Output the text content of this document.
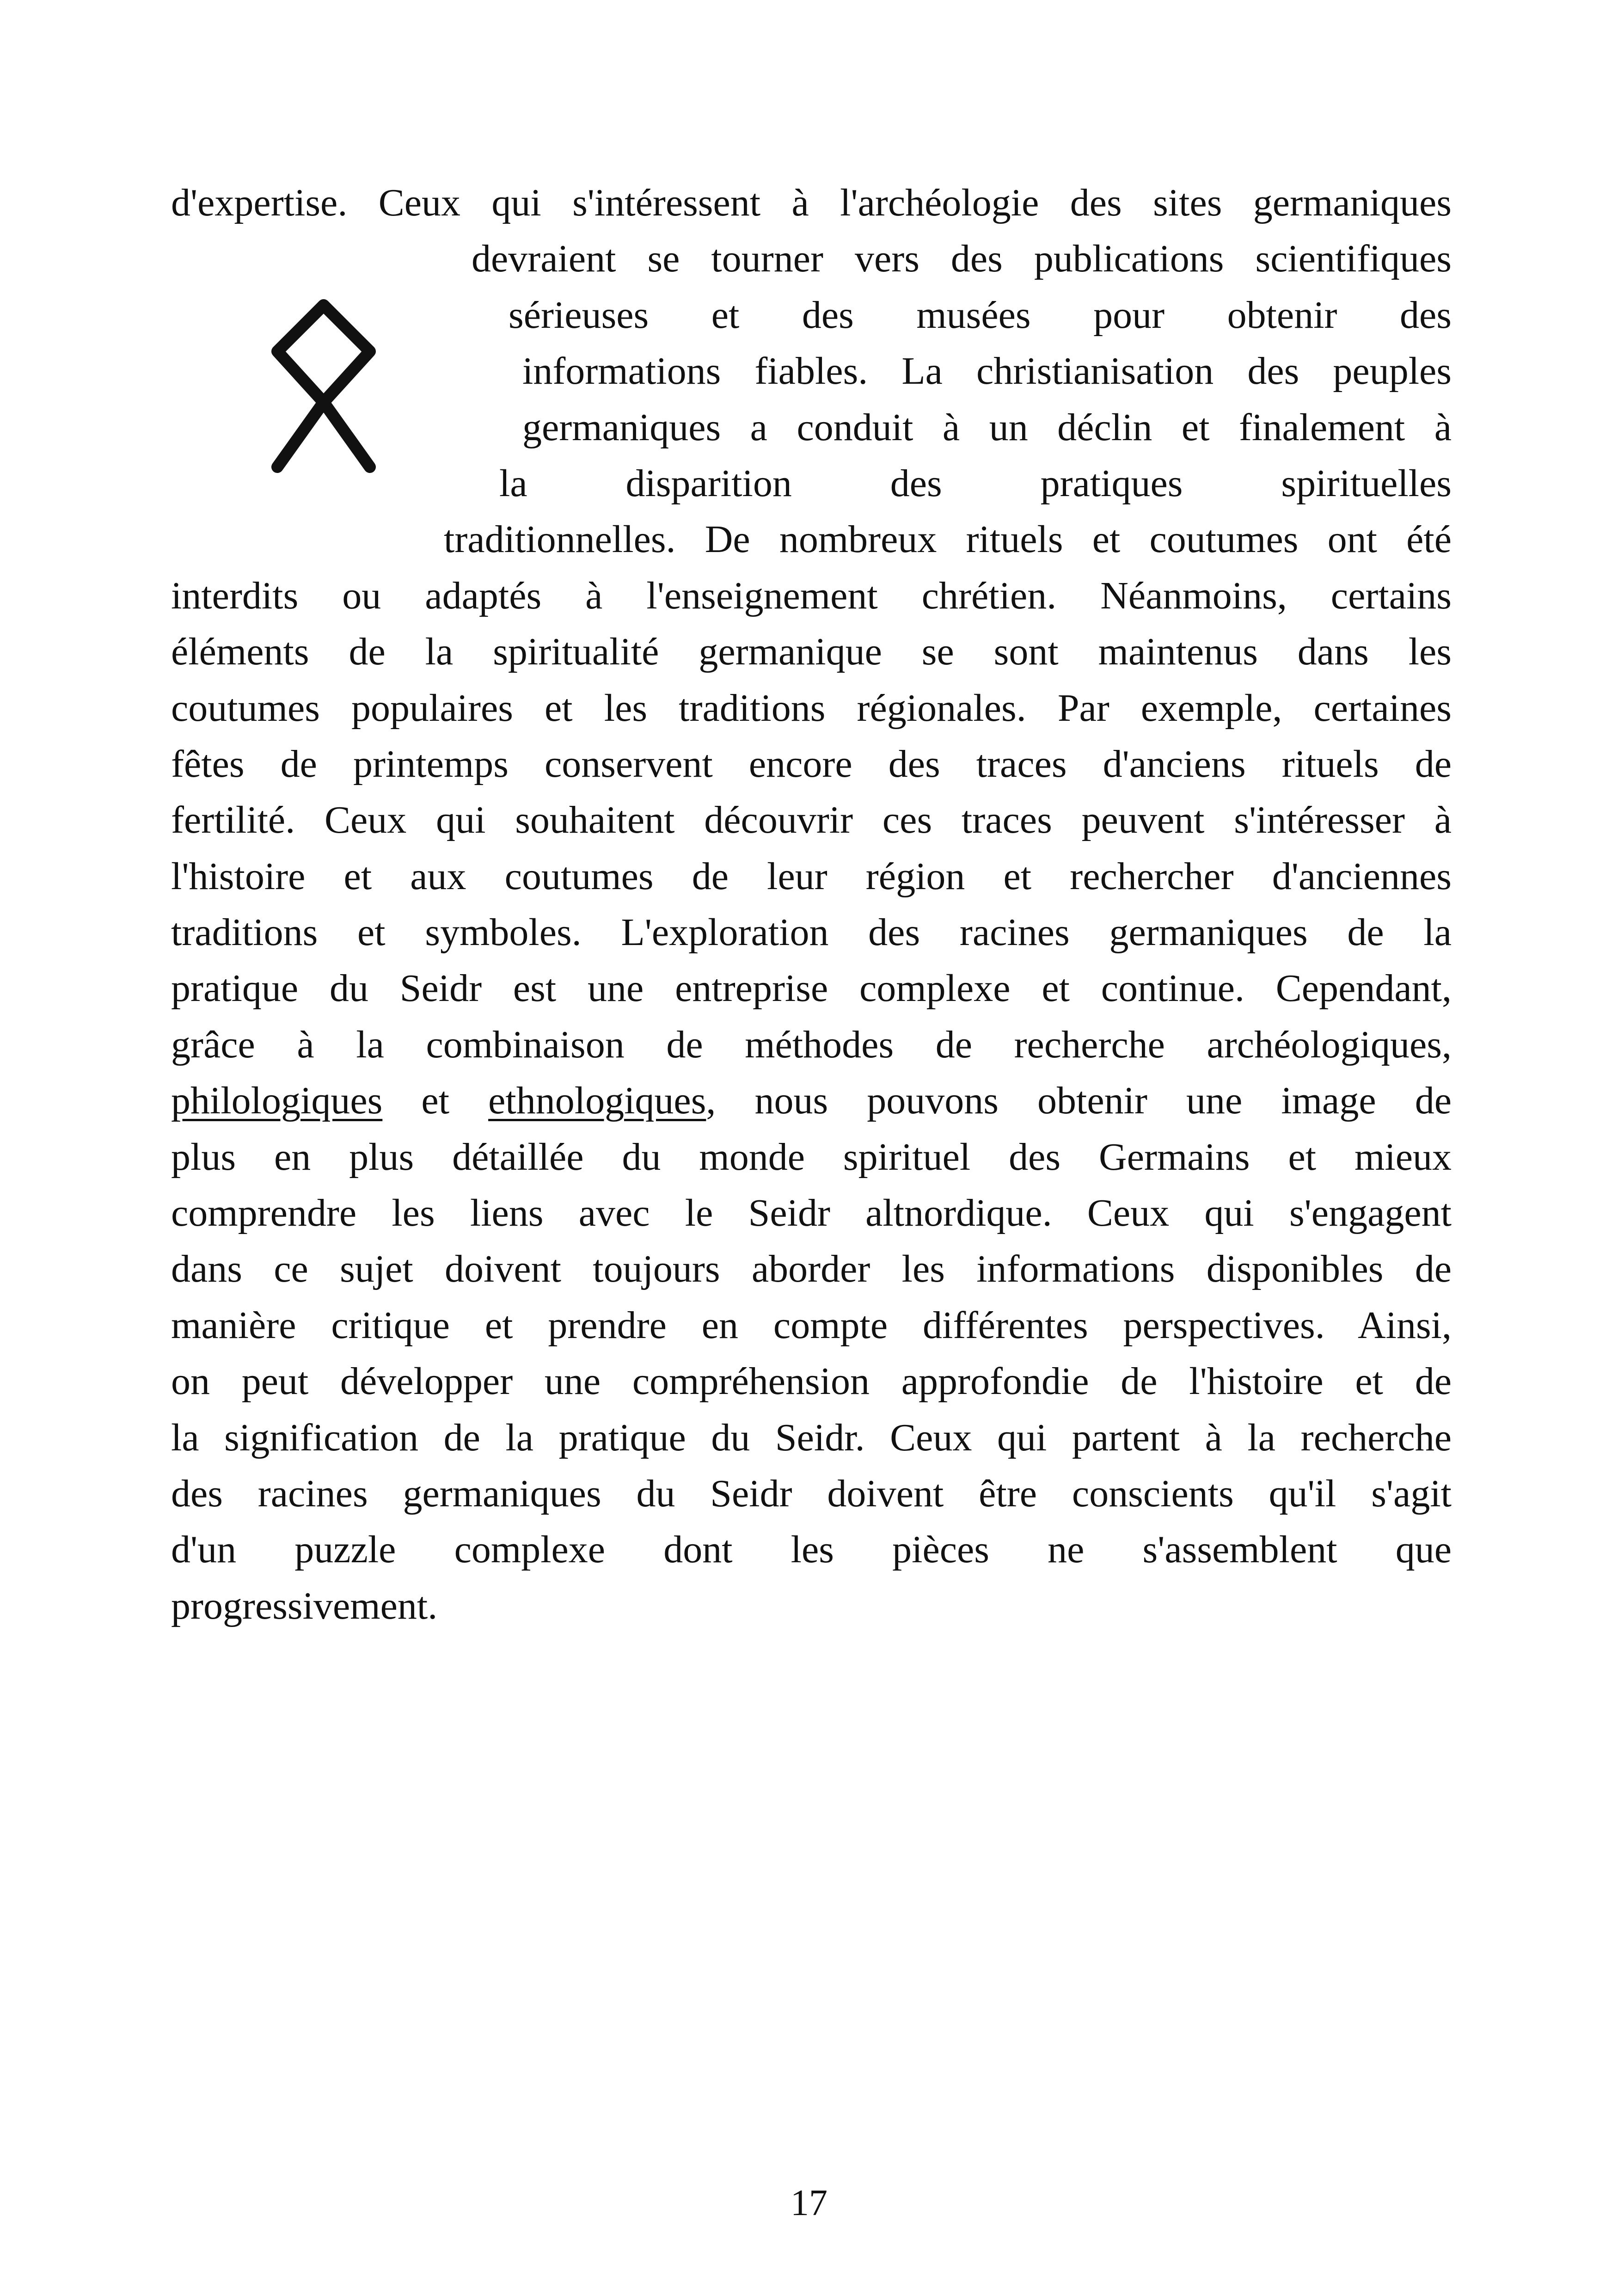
d'expertise. Ceux qui s'intéressent à l'archéologie des sites germaniques
devraient se tourner vers des publications scientifiques
sérieuses et des musées pour obtenir des
informations fiables. La christianisation des peuples
germaniques a conduit à un déclin et finalement à
la disparition des pratiques spirituelles
traditionnelles. De nombreux rituels et coutumes ont été
interdits ou adaptés à l'enseignement chrétien. Néanmoins, certains
éléments de la spiritualité germanique se sont maintenus dans les
coutumes populaires et les traditions régionales. Par exemple, certaines
fêtes de printemps conservent encore des traces d'anciens rituels de
fertilité. Ceux qui souhaitent découvrir ces traces peuvent s'intéresser à
l'histoire et aux coutumes de leur région et rechercher d'anciennes
traditions et symboles. L'exploration des racines germaniques de la
pratique du Seidr est une entreprise complexe et continue. Cependant,
grâce à la combinaison de méthodes de recherche archéologiques,
philologiques et ethnologiques, nous pouvons obtenir une image de
plus en plus détaillée du monde spirituel des Germains et mieux
comprendre les liens avec le Seidr altnordique. Ceux qui s'engagent
dans ce sujet doivent toujours aborder les informations disponibles de
manière critique et prendre en compte différentes perspectives. Ainsi,
on peut développer une compréhension approfondie de l'histoire et de
la signification de la pratique du Seidr. Ceux qui partent à la recherche
des racines germaniques du Seidr doivent être conscients qu'il s'agit
d'un puzzle complexe dont les pièces ne s'assemblent que
progressivement.
17
